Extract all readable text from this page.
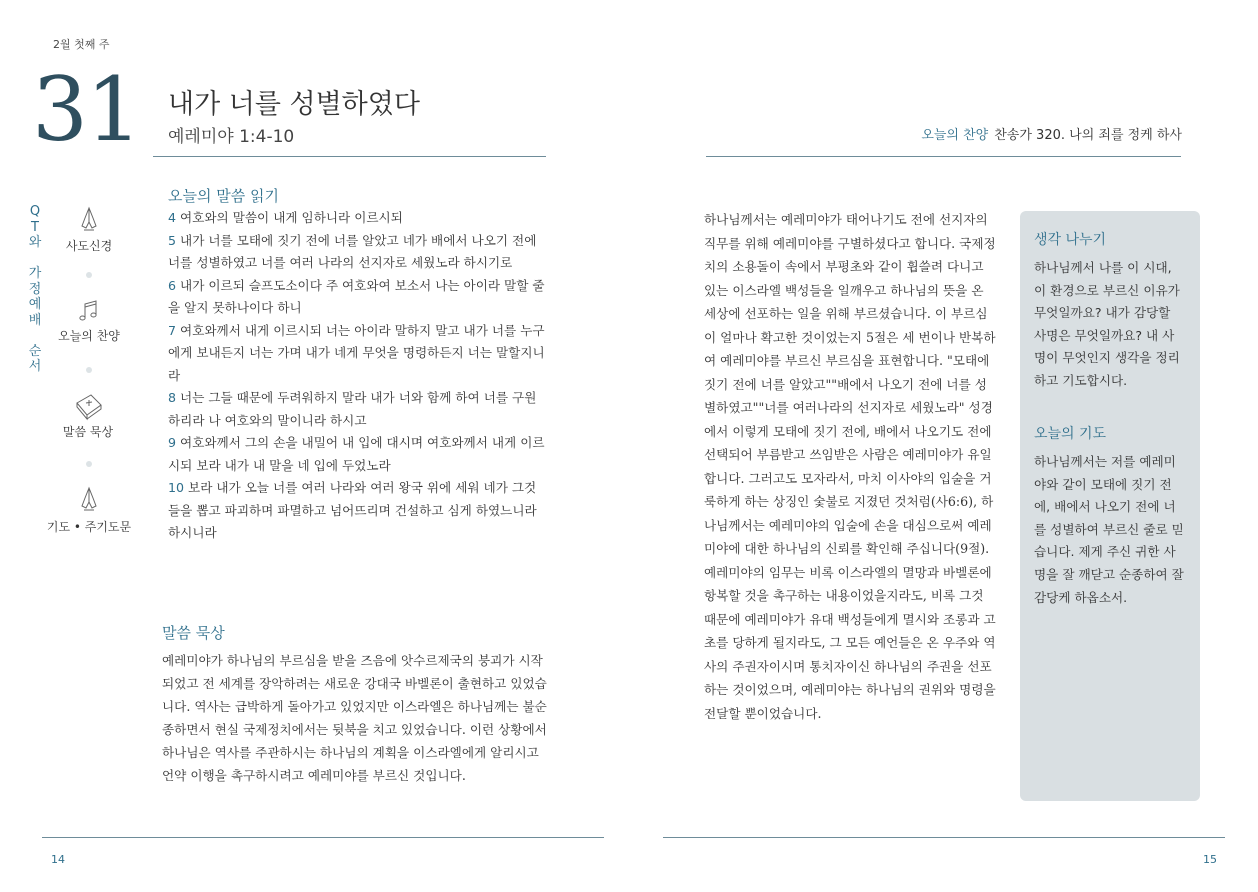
2월 첫째 주
31 내가 너를 성별하였다
예레미야 1:4-10	오늘의 찬양 찬송가 320. 나의 죄를 정케 하사
Q
T
와

가
정
예
배

순
서
사도신경
오늘의 찬양
말씀 묵상
기도 • 주기도문
오늘의 말씀 읽기
4 여호와의 말씀이 내게 임하니라 이르시되
5 내가 너를 모태에 짓기 전에 너를 알았고 네가 배에서 나오기 전에 너를 성별하였고 너를 여러 나라의 선지자로 세웠노라 하시기로
6 내가 이르되 슬프도소이다 주 여호와여 보소서 나는 아이라 말할 줄을 알지 못하나이다 하니
7 여호와께서 내게 이르시되 너는 아이라 말하지 말고 내가 너를 누구에게 보내든지 너는 가며 내가 네게 무엇을 명령하든지 너는 말할지니라
8 너는 그들 때문에 두려워하지 말라 내가 너와 함께 하여 너를 구원하리라 나 여호와의 말이니라 하시고
9 여호와께서 그의 손을 내밀어 내 입에 대시며 여호와께서 내게 이르시되 보라 내가 내 말을 네 입에 두었노라
10 보라 내가 오늘 너를 여러 나라와 여러 왕국 위에 세워 네가 그것들을 뽑고 파괴하며 파멸하고 넘어뜨리며 건설하고 심게 하였느니라 하시니라
말씀 묵상
예레미야가 하나님의 부르심을 받을 즈음에 앗수르제국의 붕괴가 시작되었고 전 세계를 장악하려는 새로운 강대국 바벨론이 출현하고 있었습니다. 역사는 급박하게 돌아가고 있었지만 이스라엘은 하나님께는 불순종하면서 현실 국제정치에서는 뒷북을 치고 있었습니다. 이런 상황에서 하나님은 역사를 주관하시는 하나님의 계획을 이스라엘에게 알리시고 언약 이행을 촉구하시려고 예레미야를 부르신 것입니다.
하나님께서는 예레미야가 태어나기도 전에 선지자의 직무를 위해 예레미야를 구별하셨다고 합니다. 국제정치의 소용돌이 속에서 부평초와 같이 휩쓸려 다니고 있는 이스라엘 백성들을 일깨우고 하나님의 뜻을 온 세상에 선포하는 일을 위해 부르셨습니다. 이 부르심이 얼마나 확고한 것이었는지 5절은 세 번이나 반복하여 예레미야를 부르신 부르심을 표현합니다. "모태에 짓기 전에 너를 알았고""배에서 나오기 전에 너를 성별하였고""너를 여러나라의 선지자로 세웠노라" 성경에서 이렇게 모태에 짓기 전에, 배에서 나오기도 전에 선택되어 부름받고 쓰임받은 사람은 예레미야가 유일합니다. 그러고도 모자라서, 마치 이사야의 입술을 거룩하게 하는 상징인 숯불로 지졌던 것처럼(사6:6), 하나님께서는 예레미야의 입술에 손을 대심으로써 예레미야에 대한 하나님의 신뢰를 확인해 주십니다(9절). 예레미야의 임무는 비록 이스라엘의 멸망과 바벨론에 항복할 것을 촉구하는 내용이었을지라도, 비록 그것 때문에 예레미야가 유대 백성들에게 멸시와 조롱과 고초를 당하게 될지라도, 그 모든 예언들은 온 우주와 역사의 주권자이시며 통치자이신 하나님의 주권을 선포하는 것이었으며, 예레미야는 하나님의 권위와 명령을 전달할 뿐이었습니다.
생각 나누기
하나님께서 나를 이 시대, 이 환경으로 부르신 이유가 무엇일까요? 내가 감당할 사명은 무엇일까요? 내 사명이 무엇인지 생각을 정리하고 기도합시다.
오늘의 기도
하나님께서는 저를 예레미야와 같이 모태에 짓기 전에, 배에서 나오기 전에 너를 성별하여 부르신 줄로 믿습니다. 제게 주신 귀한 사명을 잘 깨닫고 순종하여 잘 감당케 하옵소서.
14	15
